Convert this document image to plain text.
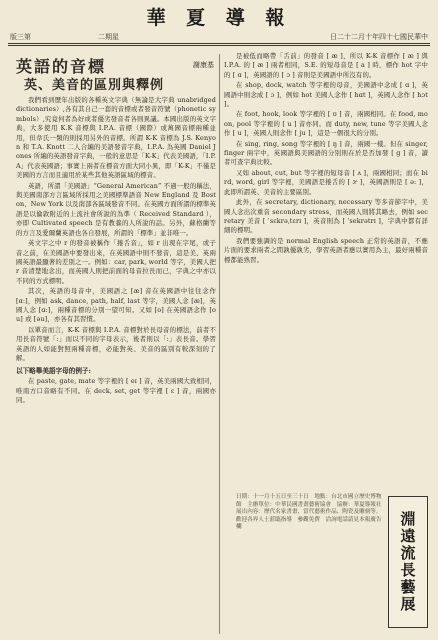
華 夏 導 報
版三第	二期星	日二十二月十年四十七國民華中
英語的音標	謝康基
英、美音的區別與釋例

我們看到歷年出版的各種英文字典（無論是大字典 unabridged dictionaries）,各有其自己一套的音標或者發音符號（phonetic symbols）,究竟何者為好或者優劣發音者各則異議。本國出版的英文字典，大多使用 K.K 音標與 I.P.A. 音標（國際）或萬國音標兩種並用，但韋氏一類的則採用另外的音標。所謂 K-K 音標為 J.S. Kenyon 和 T.A. Knott 二人合編的美語發音字典，I.P.A. 為英國 Daniel Jones 所編的英語發音字典，一般的意思是「K-K」代表美國語，「I.P.A」代表英國語；事實上兩者在標音方面大同小異，即「K-K」不僅是美國的方言而且適用於某些其他英語區域的標音。

英語，所謂「美國語」“General American” 不過一般的稱法，與美國南部方言區域所採用之美國標準語音 New England 及 Boston、New York 以及南部各區域發音不同。在英國方面所謂的標準英語是以倫敦附近的上流社會所說的為準（ Received Standard ），亦即 Cultivated speech 是有教養的人所說的話。另外，蘇格蘭等的方言及愛爾蘭英語也各自發展，所謂的「標準」並非唯一。

英文字之中 r 的發音被稱作「捲舌音」，如 r 出現在字尾，或子音之前，在美國語中要發出來，在英國語中則不發音，這是美、英兩國英語最顯著的差別之一。例如：car, park, world 等字，美國人把 r 音清楚地念出，而英國人則把前面的母音拉長而已，字典之中亦以不同的方式標明。

其次，英語的母音中，美國語之 [æ] 音在英國語中往往念作 [ɑ:]，例如 ask, dance, path, half, last 等字，美國人念 [æ]，英國人念 [ɑ:]，兩種音標的分別一望可知。又如 [o] 在英國語念作 [ou] 或 [əu]，亦各有其習慣。

以單音而言，K-K 音標與 I.P.A. 音標對於長母音的標法，前者不用長音符號「:」而以不同的字母表示，後者則以「:」表長音。學習英語的人如能對照兩種音標，必能對英、美音的區別有較深刻的了解。

以下略舉美語字母的例子:

在 paste, gate, mate 等字裡的 [ eɪ ] 音，英美兩國大致相同，唯南方口音略有不同。在 deck, set, get 等字裡 [ ɛ ] 音，兩國亦同。

是被低而略帶「舌前」的發音 [ æ ]，所以 K-K 音標作 [ æ ] 與 I.P.A. 的 [ æ ] 兩者相同，S.E. 的短母音是 [ a ] 時，標作 hot 字中的 [ ɑ ]，英國語的 [ ɔ ] 音則是美國語中所沒有的。

在 shop, dock, watch 等字裡的母音，美國語中念成 [ ɑ ]，英國語中則念成 [ ɔ ]，例如 hot 美國人念作 [ hɑt ]，英國人念作 [ hɔt ]。

在 foot, hook, look 等字裡的 [ ʊ ] 音，兩國相同。在 food, moon, pool 等字裡的 [ u ] 音亦同。而 duty, new, tune 等字美國人念作 [ u ]，英國人則念作 [ ju ]，這是一個很大的分別。

在 sing, ring, song 等字裡的 [ ŋ ] 音，兩國一樣。但在 singer, finger 兩字中，英國語與美國語的分別則在於是否加發 [ g ] 音，讀者可查字典比較。

又如 about, cut, but 等字裡的短母音 [ ʌ ]，兩國相同；而在 bird, word, girl 等字裡，美國語是捲舌的 [ ɝ ]，英國語則是 [ ə: ]，此即所謂英、美音的主要區別。

此外，在 secretary, dictionary, necessary 等多音節字中，美國人念出次重音 secondary stress，而英國人則將其略去，例如 secretary 美音 [ ˈsɛkrəˌtɛrɪ ]，英音則為 [ ˈsekrətrɪ ]，字典中都有詳細的標明。

我們要強調的是 normal English speech 正常的英語音，不應片面的要求兩者之間孰優孰劣，學習英語者應以實用為主，最好兩種音標都能熟習。

日期：十一月十五日至三十日　地點：台北市國立歷史博物館　主辦單位：中華民國書畫藝術協會　協辦：華夏導報社　展出內容：歷代名家書畫、當代藝術作品、陶瓷及雕刻等。歡迎各界人士蒞臨指導　參觀免費　洽詢電話請見本報廣告欄	淵遠流長藝展
